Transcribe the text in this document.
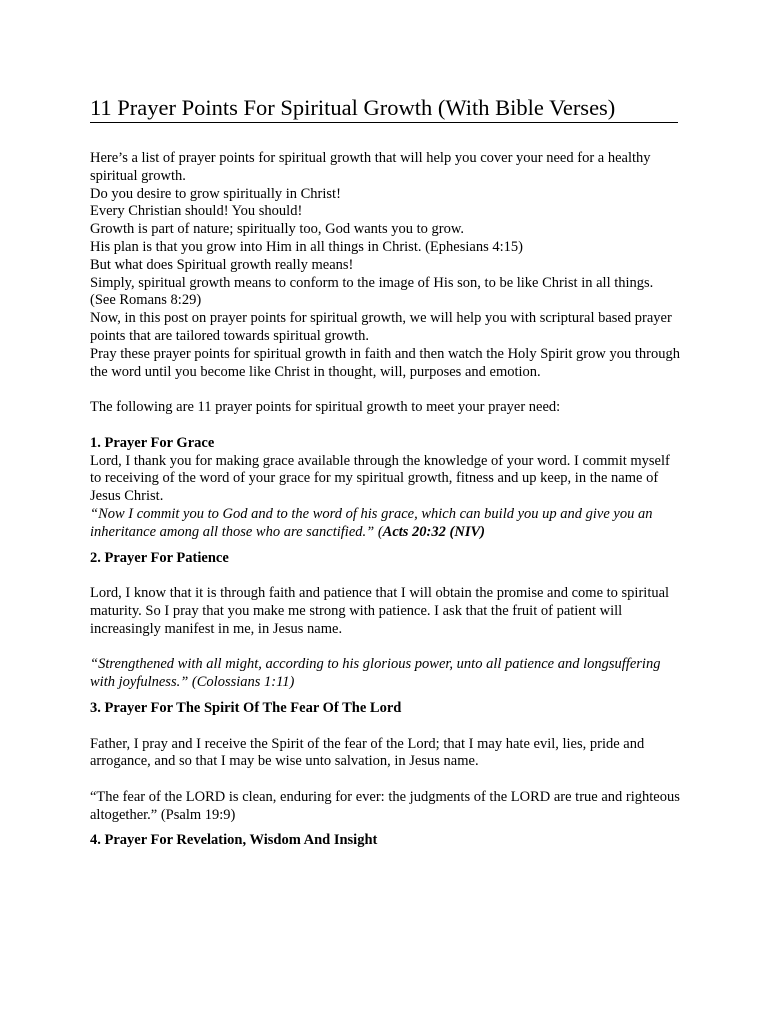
11 Prayer Points For Spiritual Growth (With Bible Verses)

Here’s a list of prayer points for spiritual growth that will help you cover your need for a healthy spiritual growth.

Do you desire to grow spiritually in Christ!

Every Christian should! You should!

Growth is part of nature; spiritually too, God wants you to grow.

His plan is that you grow into Him in all things in Christ. (Ephesians 4:15)

But what does Spiritual growth really means!

Simply, spiritual growth means to conform to the image of His son, to be like Christ in all things. (See Romans 8:29)

Now, in this post on prayer points for spiritual growth, we will help you with scriptural based prayer points that are tailored towards spiritual growth.

Pray these prayer points for spiritual growth in faith and then watch the Holy Spirit grow you through the word until you become like Christ in thought, will, purposes and emotion.

The following are 11 prayer points for spiritual growth to meet your prayer need:

1. Prayer For Grace

Lord, I thank you for making grace available through the knowledge of your word. I commit myself to receiving of the word of your grace for my spiritual growth, fitness and up keep, in the name of Jesus Christ.

“Now I commit you to God and to the word of his grace, which can build you up and give you an inheritance among all those who are sanctified.” (Acts 20:32 (NIV)

2. Prayer For Patience

Lord, I know that it is through faith and patience that I will obtain the promise and come to spiritual maturity. So I pray that you make me strong with patience. I ask that the fruit of patient will increasingly manifest in me, in Jesus name.

“Strengthened with all might, according to his glorious power, unto all patience and longsuffering with joyfulness.” (Colossians 1:11)

3. Prayer For The Spirit Of The Fear Of The Lord

Father, I pray and I receive the Spirit of the fear of the Lord; that I may hate evil, lies, pride and arrogance, and so that I may be wise unto salvation, in Jesus name.

“The fear of the LORD is clean, enduring for ever: the judgments of the LORD are true and righteous altogether.” (Psalm 19:9)

4. Prayer For Revelation, Wisdom And Insight
